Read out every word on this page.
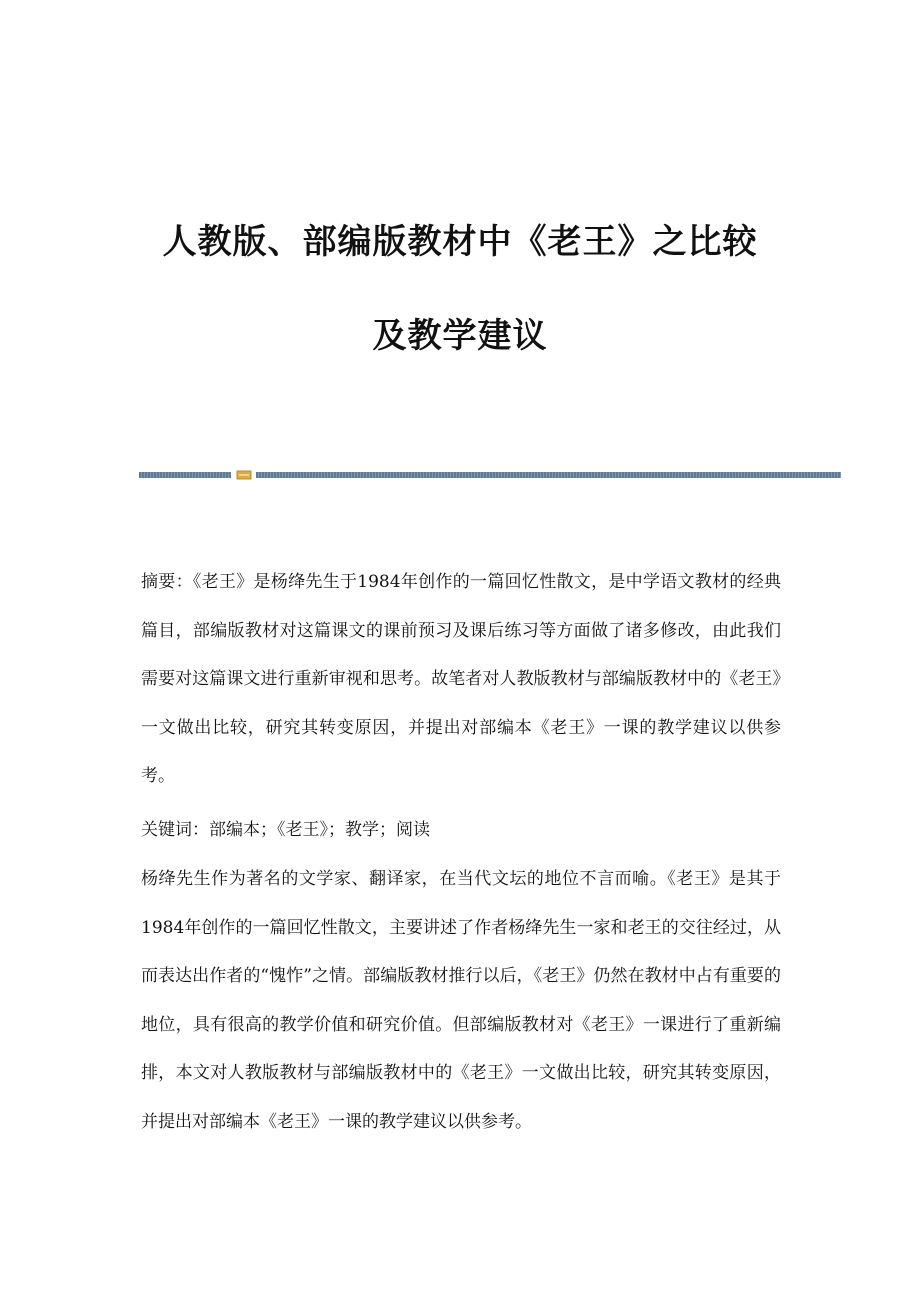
人教版、部编版教材中《老王》之比较
及教学建议

摘要：《老王》是杨绛先生于1984年创作的一篇回忆性散文，是中学语文教材的经典篇目，部编版教材对这篇课文的课前预习及课后练习等方面做了诸多修改，由此我们需要对这篇课文进行重新审视和思考。故笔者对人教版教材与部编版教材中的《老王》一文做出比较，研究其转变原因，并提出对部编本《老王》一课的教学建议以供参考。

关键词：部编本；《老王》；教学；阅读

杨绛先生作为著名的文学家、翻译家，在当代文坛的地位不言而喻。《老王》是其于1984年创作的一篇回忆性散文，主要讲述了作者杨绛先生一家和老王的交往经过，从而表达出作者的“愧怍”之情。部编版教材推行以后，《老王》仍然在教材中占有重要的地位，具有很高的教学价值和研究价值。但部编版教材对《老王》一课进行了重新编排，本文对人教版教材与部编版教材中的《老王》一文做出比较，研究其转变原因，并提出对部编本《老王》一课的教学建议以供参考。
